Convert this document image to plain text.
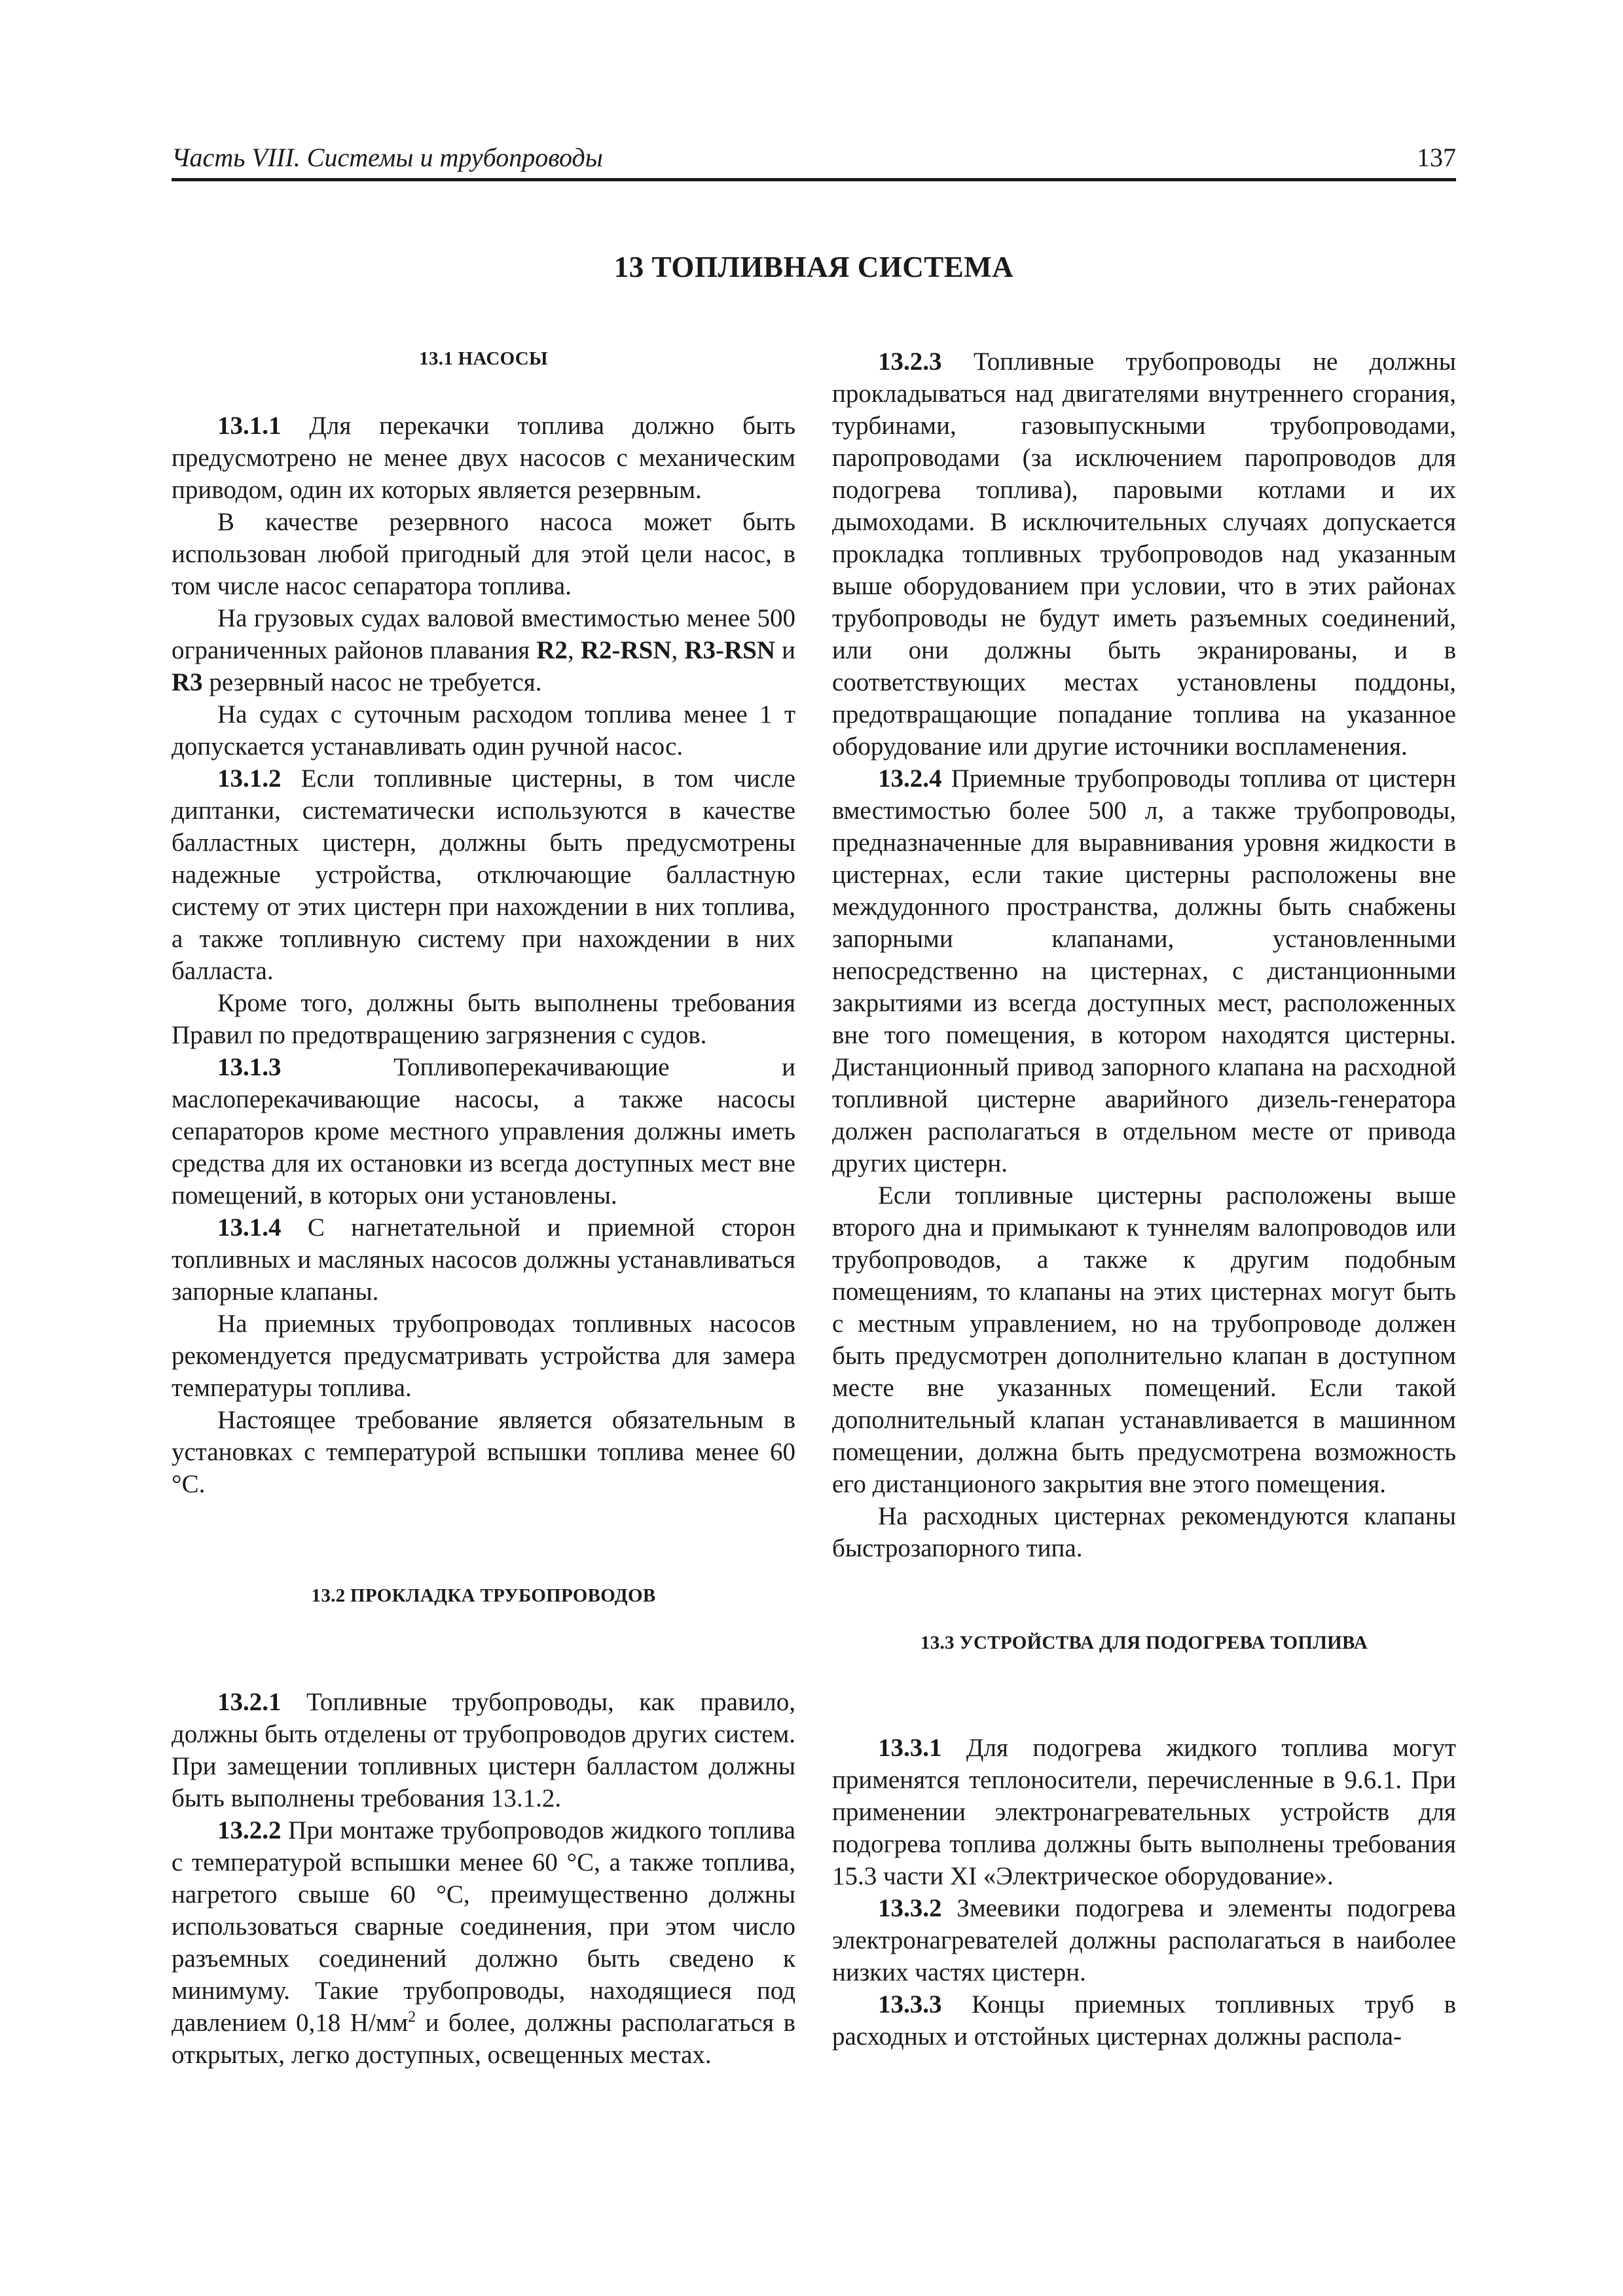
Часть VIII. Системы и трубопроводы	137
13 ТОПЛИВНАЯ СИСТЕМА
13.1 НАСОСЫ

13.1.1 Для перекачки топлива должно быть предусмотрено не менее двух насосов с механическим приводом, один их которых является резервным.

В качестве резервного насоса может быть использован любой пригодный для этой цели насос, в том числе насос сепаратора топлива.

На грузовых судах валовой вместимостью менее 500 ограниченных районов плавания R2, R2-RSN, R3-RSN и R3 резервный насос не требуется.

На судах с суточным расходом топлива менее 1 т допускается устанавливать один ручной насос.

13.1.2 Если топливные цистерны, в том числе диптанки, систематически используются в качестве балластных цистерн, должны быть предусмотрены надежные устройства, отключающие балластную систему от этих цистерн при нахождении в них топлива, а также топливную систему при нахождении в них балласта.

Кроме того, должны быть выполнены требования Правил по предотвращению загрязнения с судов.

13.1.3 Топливоперекачивающие и маслоперекачивающие насосы, а также насосы сепараторов кроме местного управления должны иметь средства для их остановки из всегда доступных мест вне помещений, в которых они установлены.

13.1.4 С нагнетательной и приемной сторон топливных и масляных насосов должны устанавливаться запорные клапаны.

На приемных трубопроводах топливных насосов рекомендуется предусматривать устройства для замера температуры топлива.

Настоящее требование является обязательным в установках с температурой вспышки топлива менее 60 °С.

13.2 ПРОКЛАДКА ТРУБОПРОВОДОВ

13.2.1 Топливные трубопроводы, как правило, должны быть отделены от трубопроводов других систем. При замещении топливных цистерн балластом должны быть выполнены требования 13.1.2.

13.2.2 При монтаже трубопроводов жидкого топлива с температурой вспышки менее 60 °С, а также топлива, нагретого свыше 60 °С, преимущественно должны использоваться сварные соединения, при этом число разъемных соединений должно быть сведено к минимуму. Такие трубопроводы, находящиеся под давлением 0,18 $Н/мм^2$ и более, должны располагаться в открытых, легко доступных, освещенных местах.

13.2.3 Топливные трубопроводы не должны прокладываться над двигателями внутреннего сгорания, турбинами, газовыпускными трубопроводами, паропроводами (за исключением паропроводов для подогрева топлива), паровыми котлами и их дымоходами. В исключительных случаях допускается прокладка топливных трубопроводов над указанным выше оборудованием при условии, что в этих районах трубопроводы не будут иметь разъемных соединений, или они должны быть экранированы, и в соответствующих местах установлены поддоны, предотвращающие попадание топлива на указанное оборудование или другие источники воспламенения.

13.2.4 Приемные трубопроводы топлива от цистерн вместимостью более 500 л, а также трубопроводы, предназначенные для выравнивания уровня жидкости в цистернах, если такие цистерны расположены вне междудонного пространства, должны быть снабжены запорными клапанами, установленными непосредственно на цистернах, с дистанционными закрытиями из всегда доступных мест, расположенных вне того помещения, в котором находятся цистерны. Дистанционный привод запорного клапана на расходной топливной цистерне аварийного дизель-генератора должен располагаться в отдельном месте от привода других цистерн.

Если топливные цистерны расположены выше второго дна и примыкают к туннелям валопроводов или трубопроводов, а также к другим подобным помещениям, то клапаны на этих цистернах могут быть с местным управлением, но на трубопроводе должен быть предусмотрен дополнительно клапан в доступном месте вне указанных помещений. Если такой дополнительный клапан устанавливается в машинном помещении, должна быть предусмотрена возможность его дистанционого закрытия вне этого помещения.

На расходных цистернах рекомендуются клапаны быстрозапорного типа.

13.3 УСТРОЙСТВА ДЛЯ ПОДОГРЕВА ТОПЛИВА

13.3.1 Для подогрева жидкого топлива могут применятся теплоносители, перечисленные в 9.6.1. При применении электронагревательных устройств для подогрева топлива должны быть выполнены требования 15.3 части XI «Электрическое оборудование».

13.3.2 Змеевики подогрева и элементы подогрева электронагревателей должны располагаться в наиболее низких частях цистерн.

13.3.3 Концы приемных топливных труб в расходных и отстойных цистернах должны распола-
